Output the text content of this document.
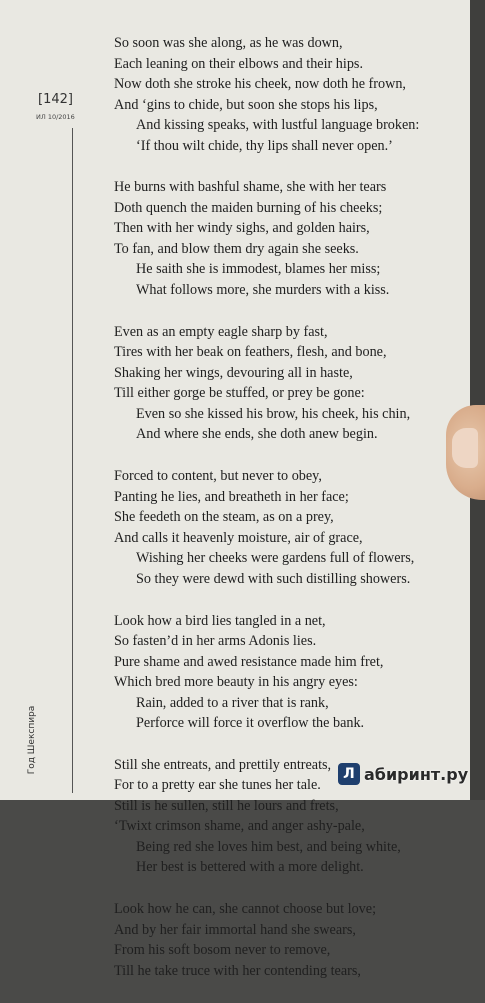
[142]
ИЛ 10/2016
Год Шекспира
So soon was she along, as he was down,
Each leaning on their elbows and their hips.
Now doth she stroke his cheek, now doth he frown,
And ‘gins to chide, but soon she stops his lips,
And kissing speaks, with lustful language broken:
‘If thou wilt chide, thy lips shall never open.’
He burns with bashful shame, she with her tears
Doth quench the maiden burning of his cheeks;
Then with her windy sighs, and golden hairs,
To fan, and blow them dry again she seeks.
He saith she is immodest, blames her miss;
What follows more, she murders with a kiss.
Even as an empty eagle sharp by fast,
Tires with her beak on feathers, flesh, and bone,
Shaking her wings, devouring all in haste,
Till either gorge be stuffed, or prey be gone:
Even so she kissed his brow, his cheek, his chin,
And where she ends, she doth anew begin.
Forced to content, but never to obey,
Panting he lies, and breatheth in her face;
She feedeth on the steam, as on a prey,
And calls it heavenly moisture, air of grace,
Wishing her cheeks were gardens full of flowers,
So they were dewd with such distilling showers.
Look how a bird lies tangled in a net,
So fasten’d in her arms Adonis lies.
Pure shame and awed resistance made him fret,
Which bred more beauty in his angry eyes:
Rain, added to a river that is rank,
Perforce will force it overflow the bank.
Still she entreats, and prettily entreats,
For to a pretty ear she tunes her tale.
Still is he sullen, still he lours and frets,
‘Twixt crimson shame, and anger ashy-pale,
Being red she loves him best, and being white,
Her best is bettered with a more delight.
Look how he can, she cannot choose but love;
And by her fair immortal hand she swears,
From his soft bosom never to remove,
Till he take truce with her contending tears,
Л абиринт.ру
